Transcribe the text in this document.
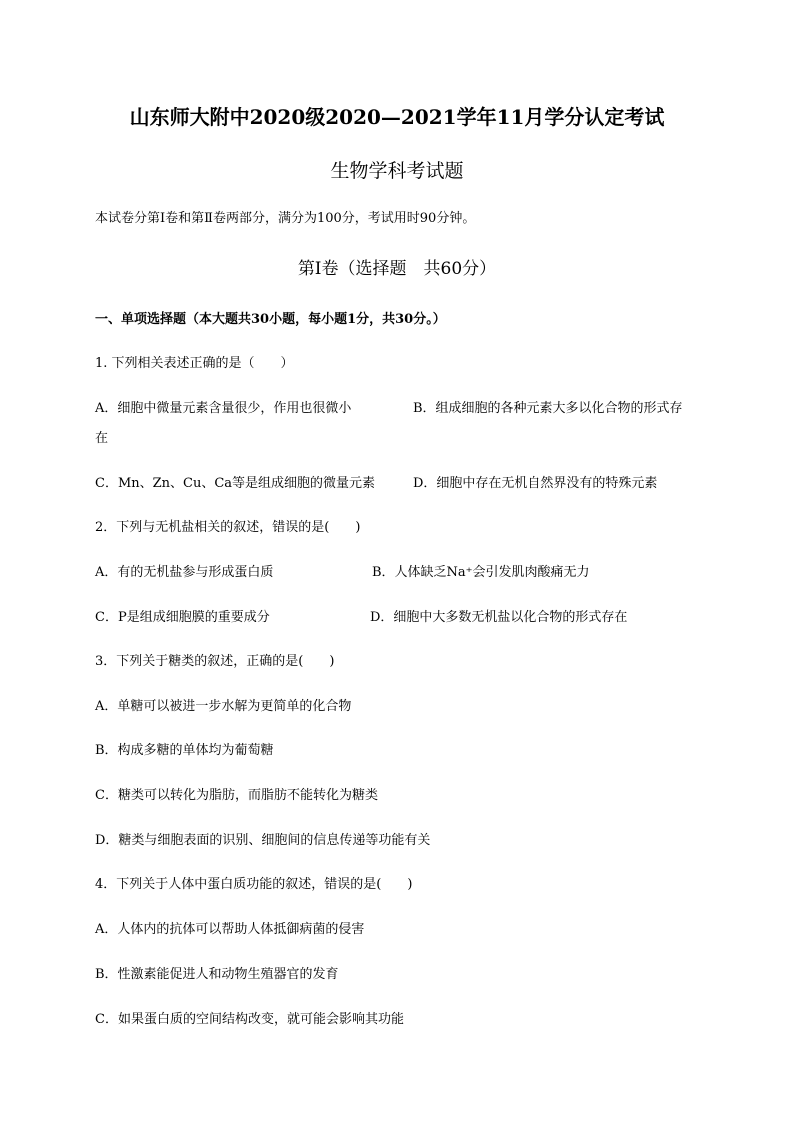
山东师大附中2020级2020—2021学年11月学分认定考试
生物学科考试题
本试卷分第Ⅰ卷和第Ⅱ卷两部分，满分为100分，考试用时90分钟。
第Ⅰ卷（选择题　共60分）
一、单项选择题（本大题共30小题，每小题1分，共30分。）
1. 下列相关表述正确的是（　　）
A．细胞中微量元素含量很少，作用也很微小	B．组成细胞的各种元素大多以化合物的形式存
在
C．Mn、Zn、Cu、Ca等是组成细胞的微量元素	D．细胞中存在无机自然界没有的特殊元素
2．下列与无机盐相关的叙述，错误的是(　　)
A．有的无机盐参与形成蛋白质	B．人体缺乏Na⁺会引发肌肉酸痛无力
C．P是组成细胞膜的重要成分	D．细胞中大多数无机盐以化合物的形式存在
3．下列关于糖类的叙述，正确的是(　　)
A．单糖可以被进一步水解为更简单的化合物
B．构成多糖的单体均为葡萄糖
C．糖类可以转化为脂肪，而脂肪不能转化为糖类
D．糖类与细胞表面的识别、细胞间的信息传递等功能有关
4．下列关于人体中蛋白质功能的叙述，错误的是(　　)
A．人体内的抗体可以帮助人体抵御病菌的侵害
B．性激素能促进人和动物生殖器官的发育
C．如果蛋白质的空间结构改变，就可能会影响其功能
